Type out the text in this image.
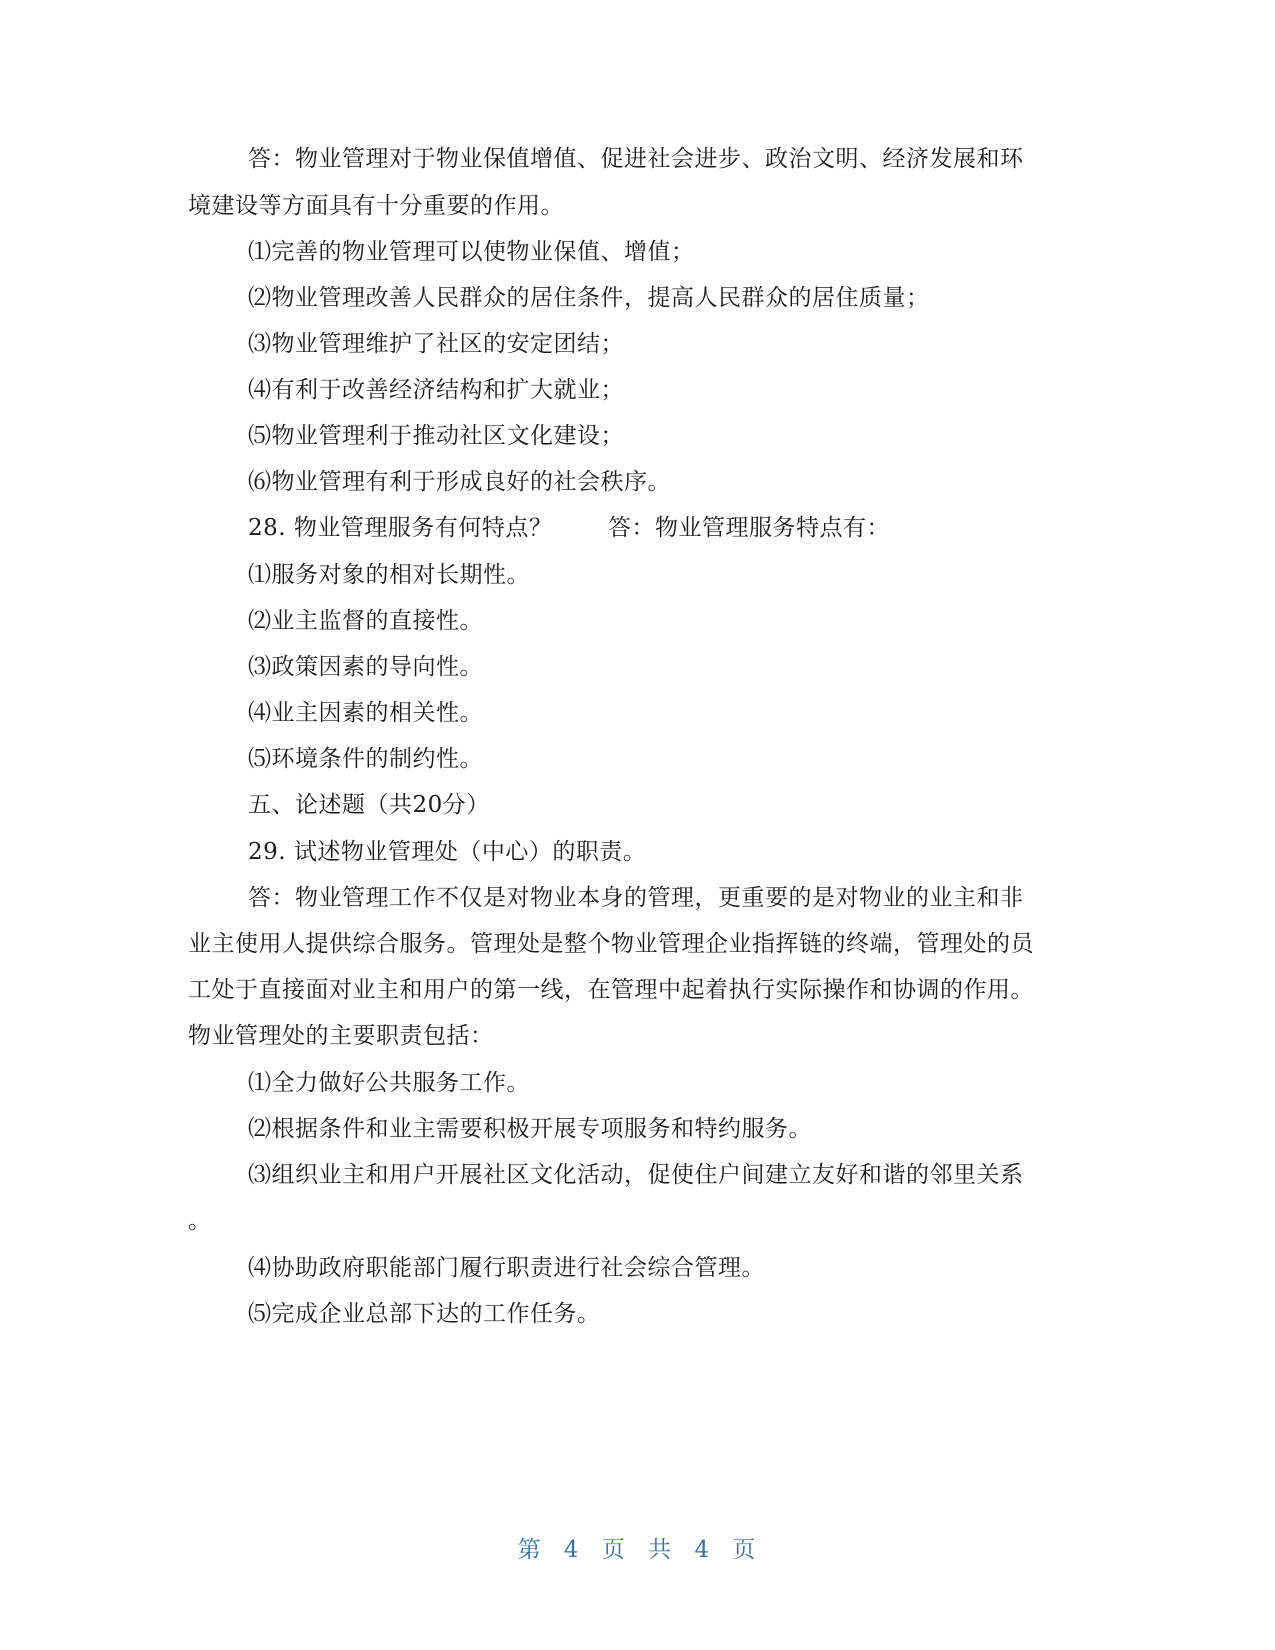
答：物业管理对于物业保值增值、促进社会进步、政治文明、经济发展和环
境建设等方面具有十分重要的作用。
⑴完善的物业管理可以使物业保值、增值；
⑵物业管理改善人民群众的居住条件，提高人民群众的居住质量；
⑶物业管理维护了社区的安定团结；
⑷有利于改善经济结构和扩大就业；
⑸物业管理利于推动社区文化建设；
⑹物业管理有利于形成良好的社会秩序。
28. 物业管理服务有何特点？ 答：物业管理服务特点有：
⑴服务对象的相对长期性。
⑵业主监督的直接性。
⑶政策因素的导向性。
⑷业主因素的相关性。
⑸环境条件的制约性。
五、论述题（共20分）
29. 试述物业管理处（中心）的职责。
答：物业管理工作不仅是对物业本身的管理，更重要的是对物业的业主和非
业主使用人提供综合服务。管理处是整个物业管理企业指挥链的终端，管理处的员
工处于直接面对业主和用户的第一线，在管理中起着执行实际操作和协调的作用。
物业管理处的主要职责包括：
⑴全力做好公共服务工作。
⑵根据条件和业主需要积极开展专项服务和特约服务。
⑶组织业主和用户开展社区文化活动，促使住户间建立友好和谐的邻里关系
。
⑷协助政府职能部门履行职责进行社会综合管理。
⑸完成企业总部下达的工作任务。
第 4 页 共 4 页
